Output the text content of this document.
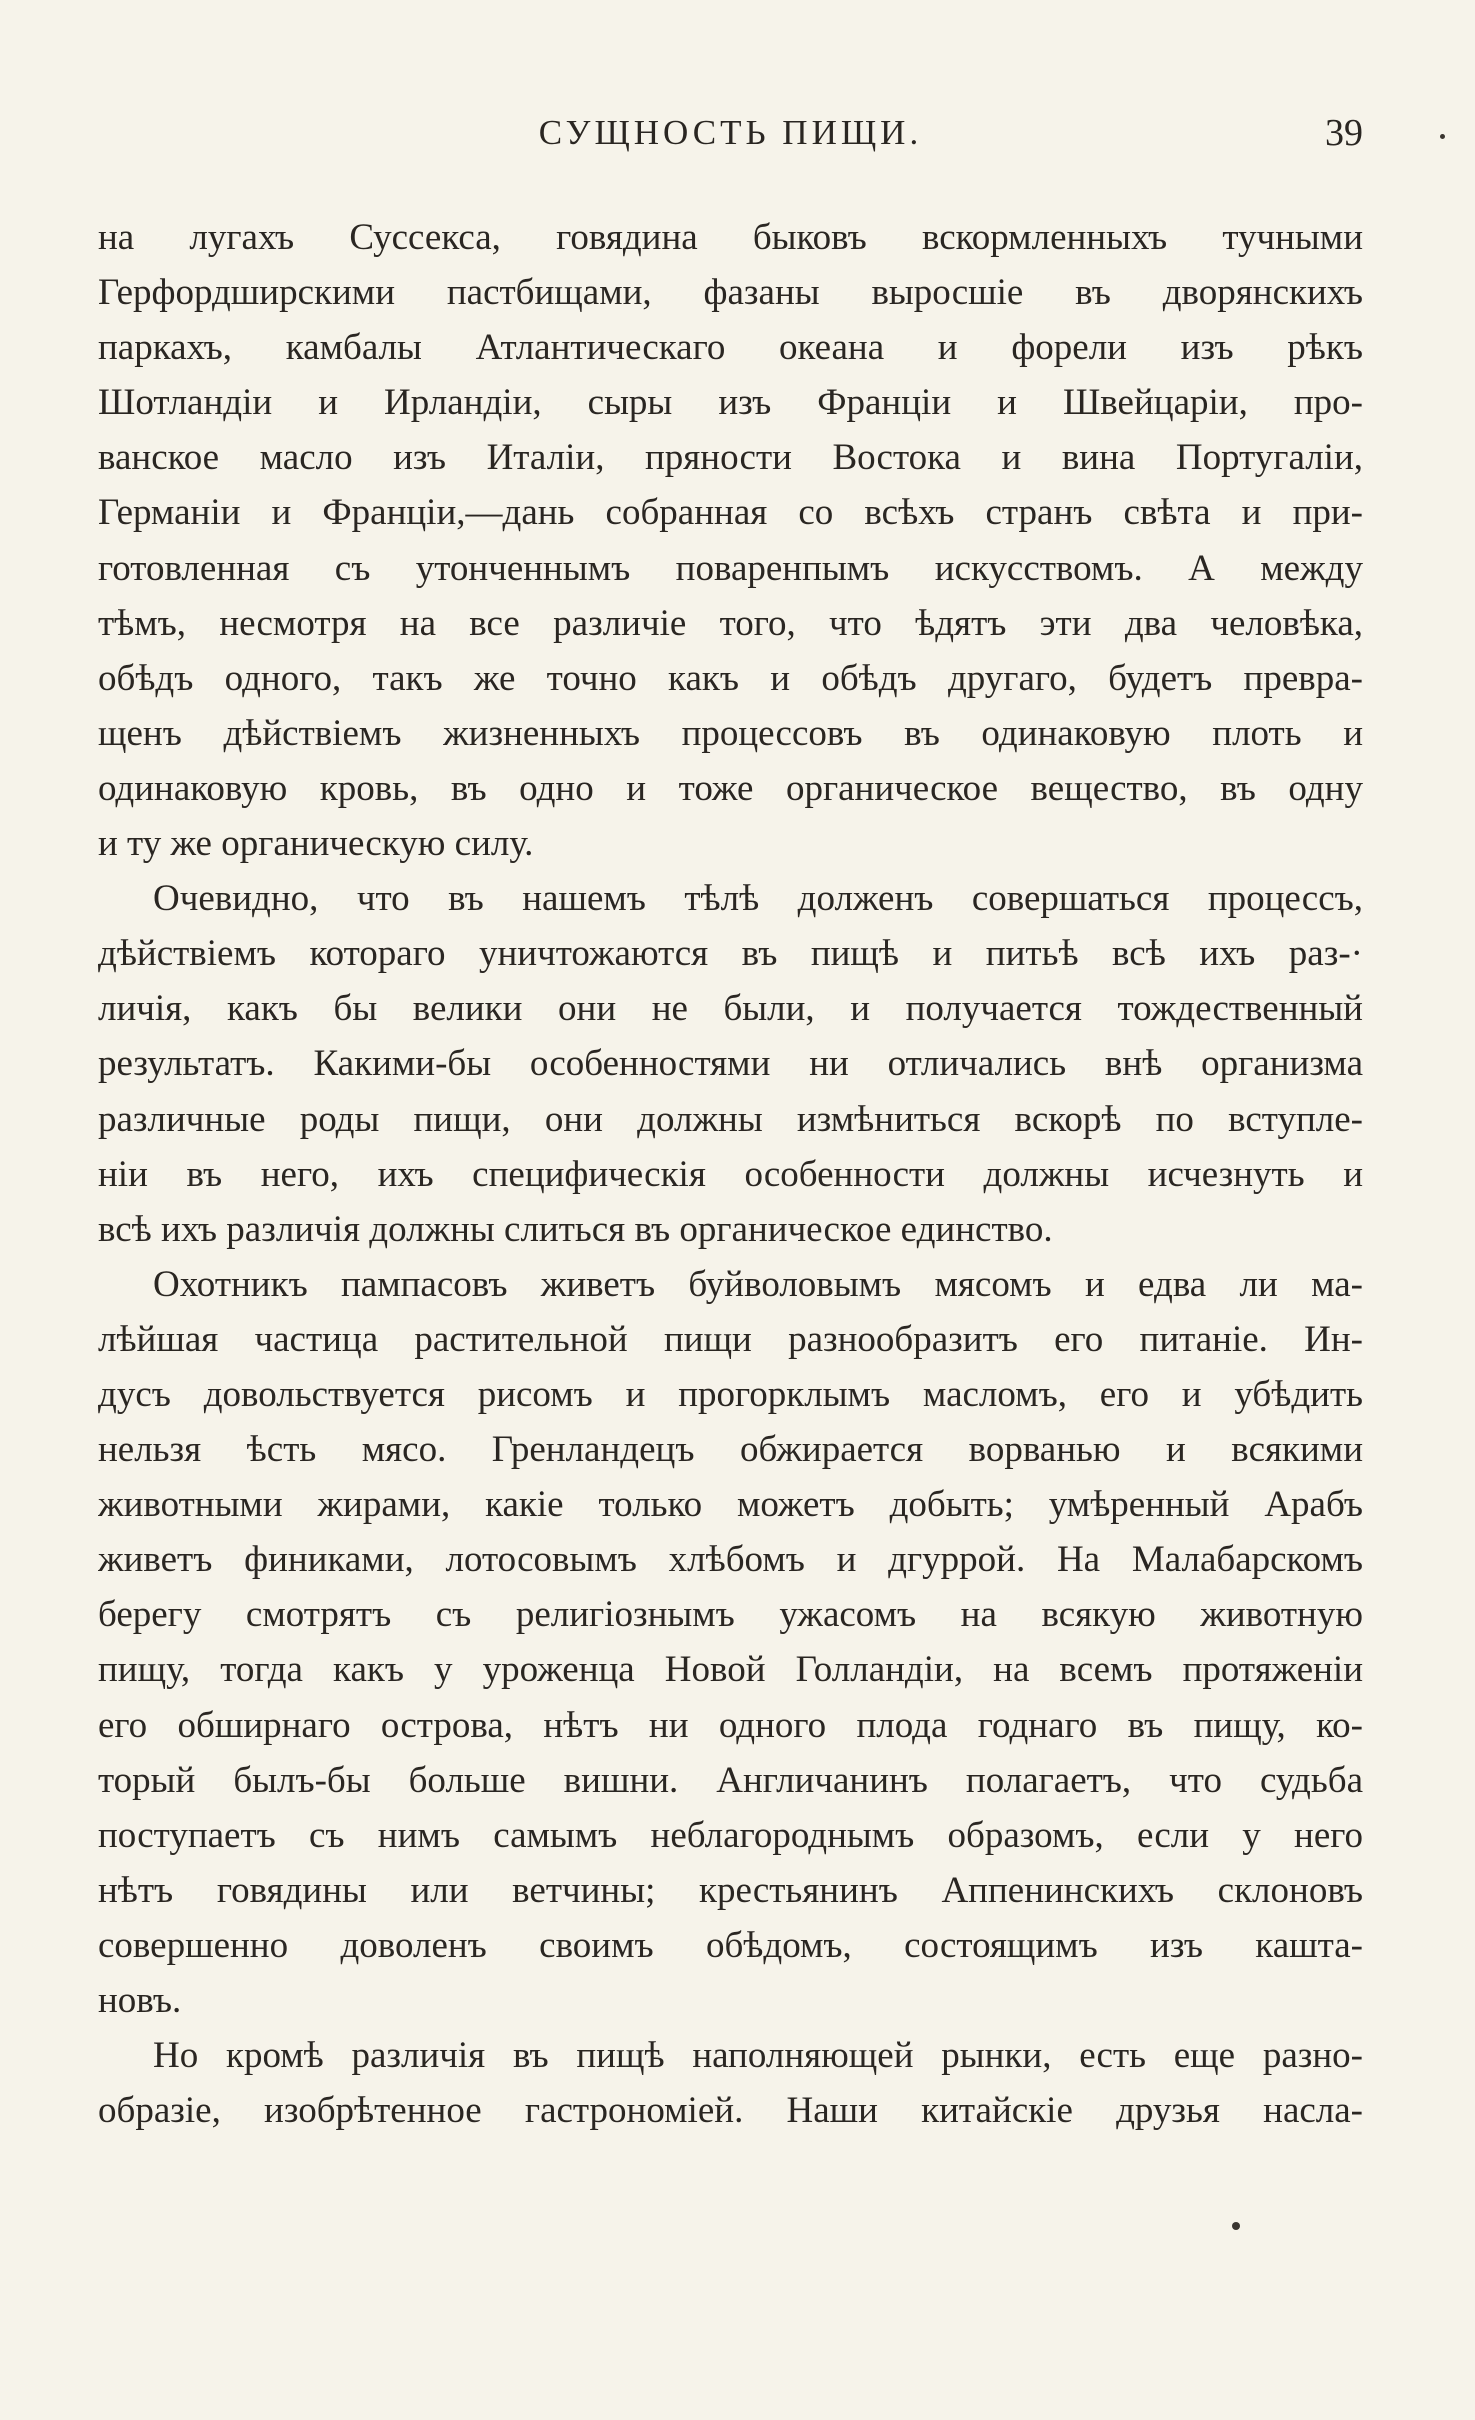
СУЩНОСТЬ ПИЩИ.	39

на лугахъ Суссекса, говядина быковъ вскормленныхъ тучными
Герфордширскими пастбищами, фазаны выросшіе въ дворянскихъ
паркахъ, камбалы Атлантическаго океана и форели изъ рѣкъ
Шотландіи и Ирландіи, сыры изъ Франціи и Швейцаріи, про-
ванское масло изъ Италіи, пряности Востока и вина Португаліи,
Германіи и Франціи,—дань собранная со всѣхъ странъ свѣта и при-
готовленная съ утонченнымъ поваренпымъ искусствомъ. А между
тѣмъ, несмотря на все различіе того, что ѣдятъ эти два человѣка,
обѣдъ одного, такъ же точно какъ и обѣдъ другаго, будетъ превра-
щенъ дѣйствіемъ жизненныхъ процессовъ въ одинаковую плоть и
одинаковую кровь, въ одно и тоже органическое вещество, въ одну
и ту же органическую силу.

Очевидно, что въ нашемъ тѣлѣ долженъ совершаться процессъ,
дѣйствіемъ котораго уничтожаются въ пищѣ и питьѣ всѣ ихъ раз-·
личія, какъ бы велики они не были, и получается тождественный
результатъ. Какими-бы особенностями ни отличались внѣ организма
различные роды пищи, они должны измѣниться вскорѣ по вступле-
ніи въ него, ихъ специфическія особенности должны исчезнуть и
всѣ ихъ различія должны слиться въ органическое единство.

Охотникъ пампасовъ живетъ буйволовымъ мясомъ и едва ли ма-
лѣйшая частица растительной пищи разнообразитъ его питаніе. Ин-
дусъ довольствуется рисомъ и прогорклымъ масломъ, его и убѣдить
нельзя ѣсть мясо. Гренландецъ обжирается ворванью и всякими
животными жирами, какіе только можетъ добыть; умѣренный Арабъ
живетъ финиками, лотосовымъ хлѣбомъ и дгуррой. На Малабарскомъ
берегу смотрятъ съ религіознымъ ужасомъ на всякую животную
пищу, тогда какъ у уроженца Новой Голландіи, на всемъ протяженіи
его обширнаго острова, нѣтъ ни одного плода годнаго въ пищу, ко-
торый былъ-бы больше вишни. Англичанинъ полагаетъ, что судьба
поступаетъ съ нимъ самымъ неблагороднымъ образомъ, если у него
нѣтъ говядины или ветчины; крестьянинъ Аппенинскихъ склоновъ
совершенно доволенъ своимъ обѣдомъ, состоящимъ изъ кашта-
новъ.

Но кромѣ различія въ пищѣ наполняющей рынки, есть еще разно-
образіе, изобрѣтенное гастрономіей. Наши китайскіе друзья насла-
